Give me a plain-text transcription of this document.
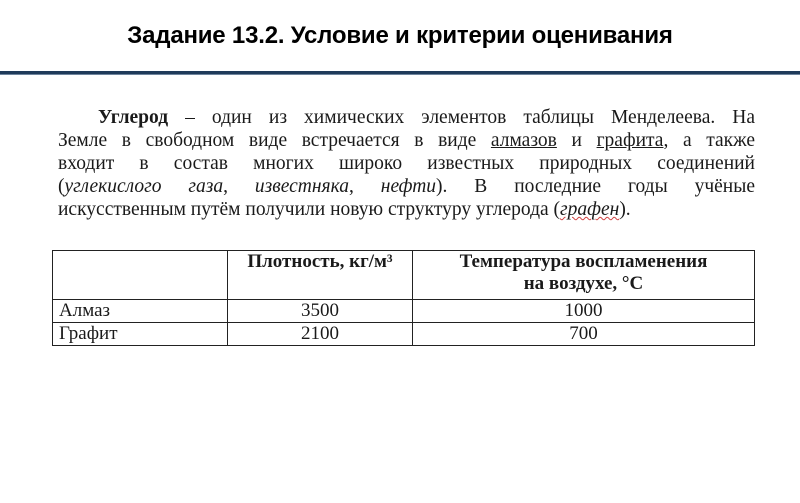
Задание 13.2. Условие и критерии оценивания
Углерод – один из химических элементов таблицы Менделеева. На
Земле в свободном виде встречается в виде алмазов и графита, а также
входит в состав многих широко известных природных соединений
(углекислого газа, известняка, нефти). В последние годы учёные
искусственным путём получили новую структуру углерода (графен).
	Плотность, кг/м³	Температура воспламенения
на воздухе, °С
Алмаз	3500	1000
Графит	2100	700
